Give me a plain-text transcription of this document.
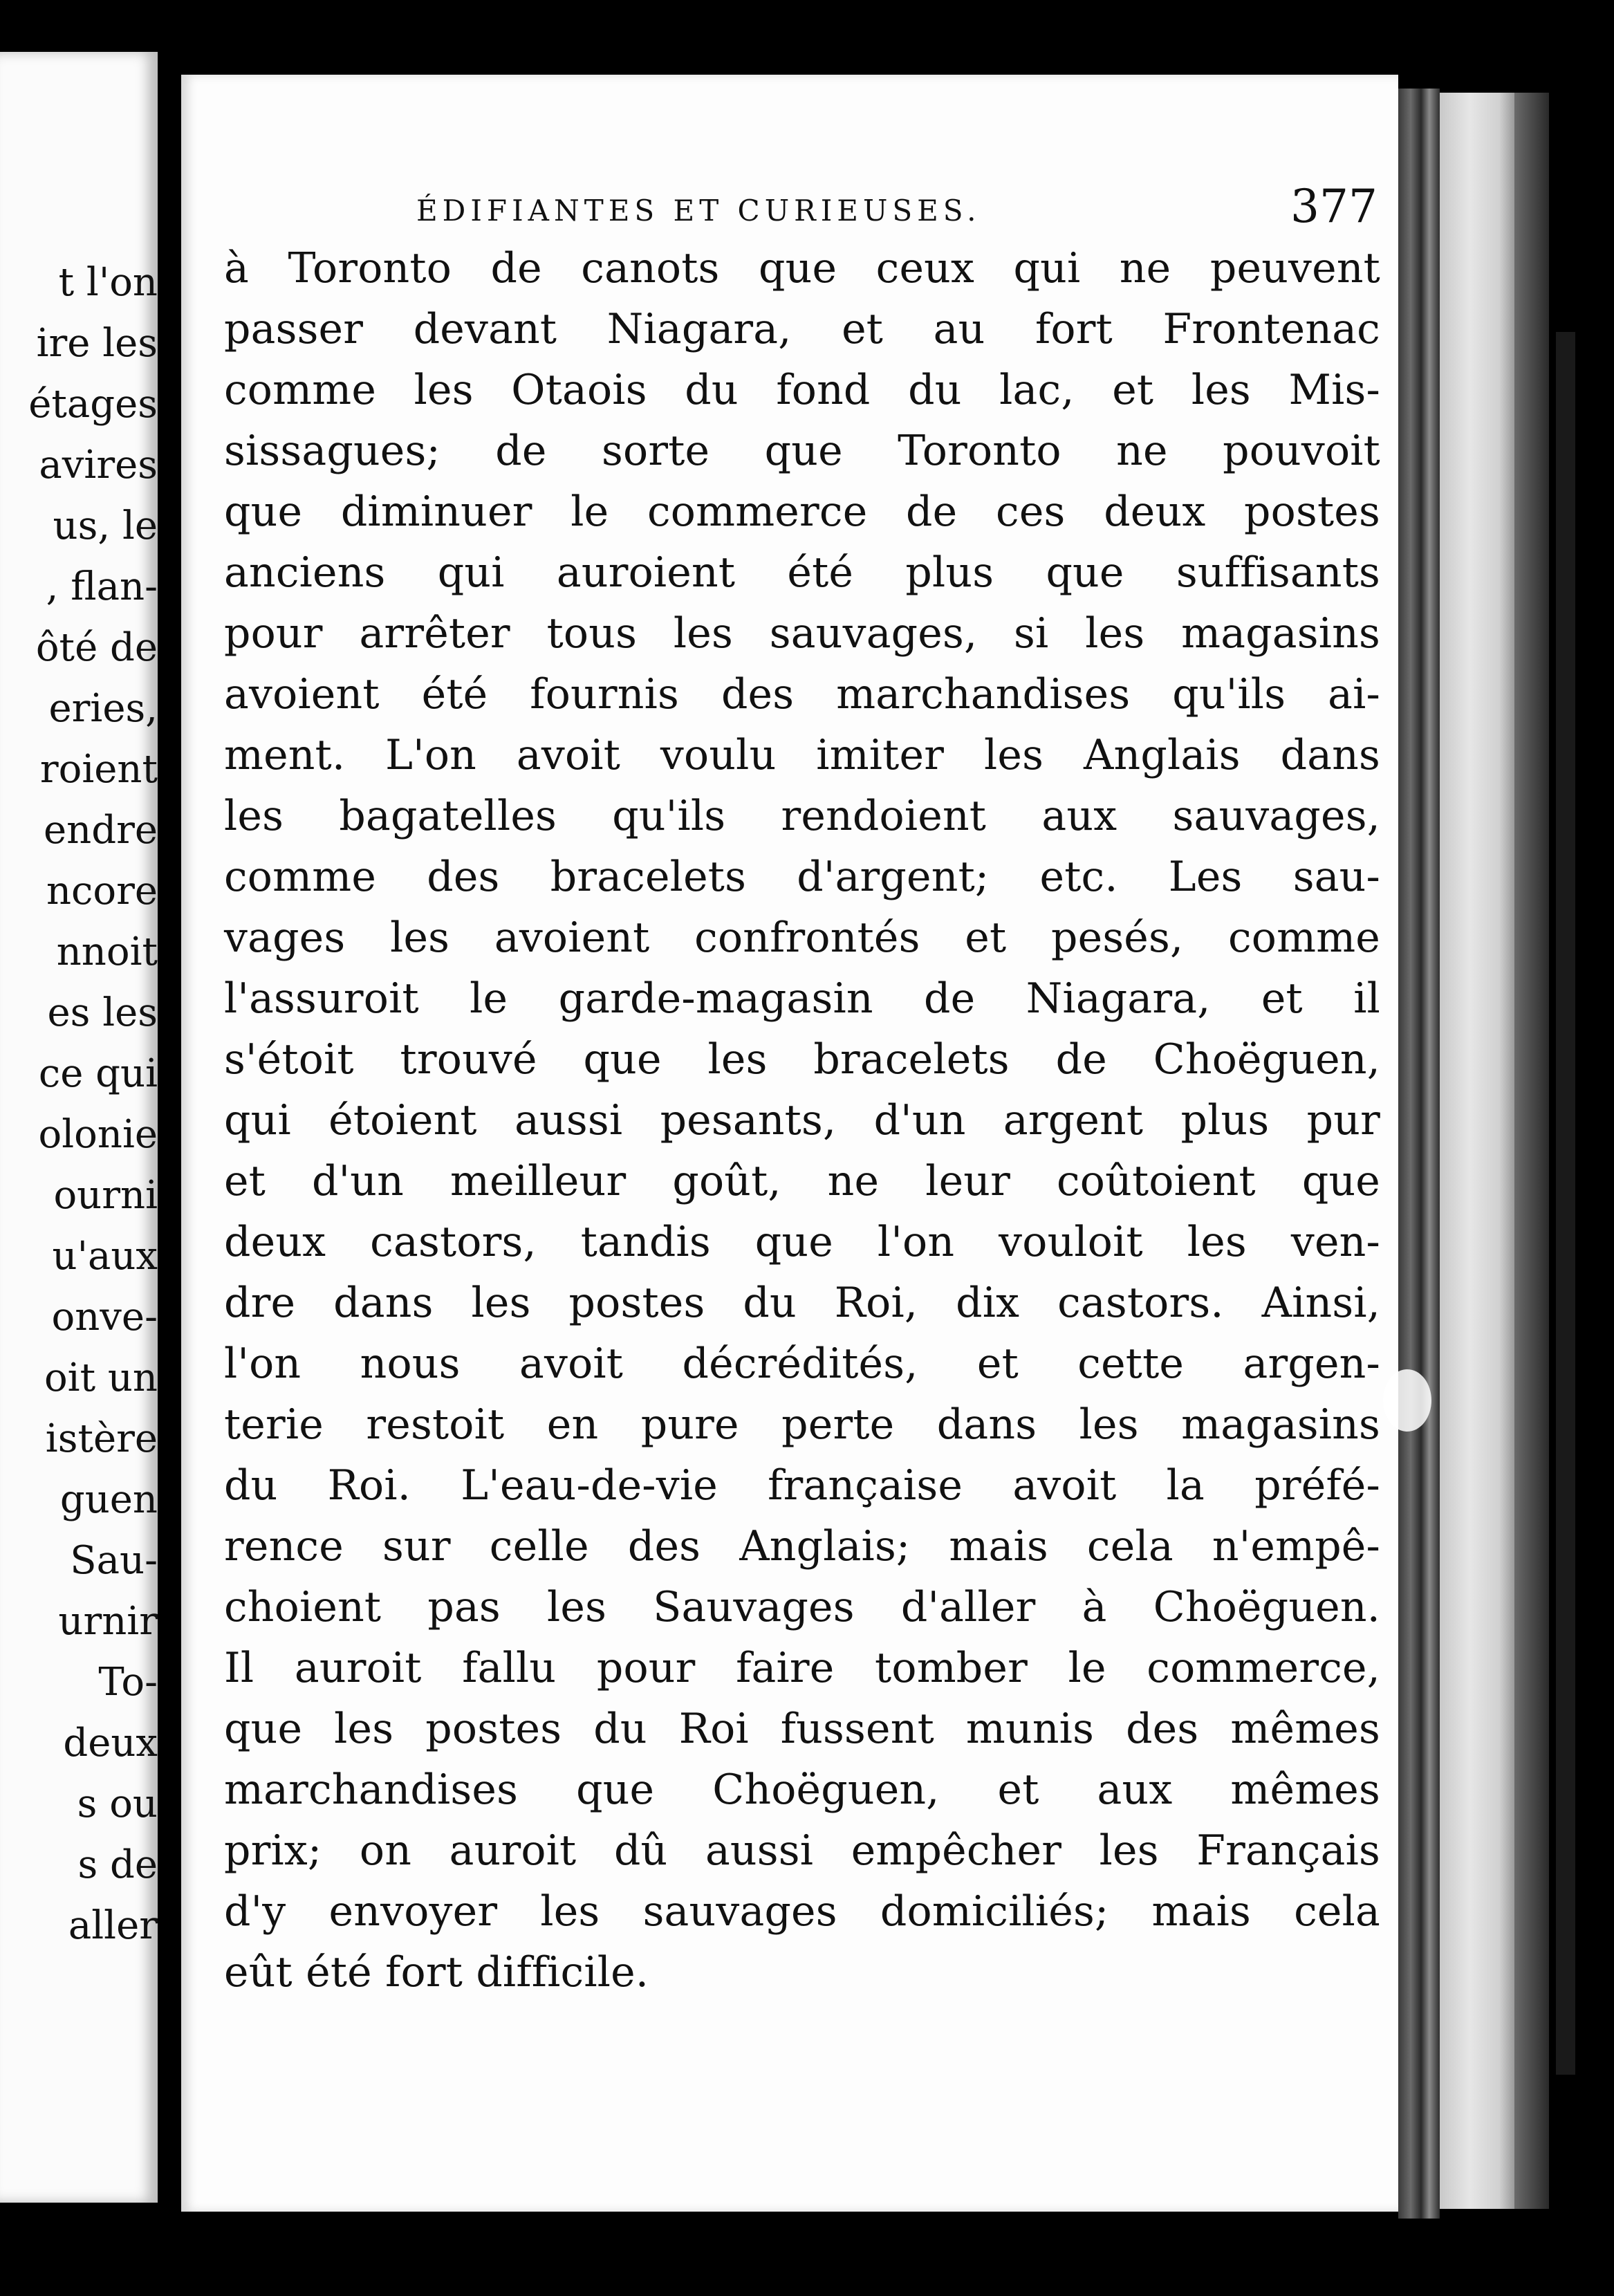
t l'on

ire les

étages

avires

us, le

, flan-

ôté de

eries,

roient

endre

ncore

nnoit

es les

ce qui

olonie

ourni

u'aux

onve-

oit un

istère

guen

Sau-

urnir

To-

deux

s ou

s de

aller

ÉDIFIANTES ET CURIEUSES.	377

à Toronto de canots que ceux qui ne peuvent

passer devant Niagara, et au fort Frontenac

comme les Otaois du fond du lac, et les Mis-

sissagues; de sorte que Toronto ne pouvoit

que diminuer le commerce de ces deux postes

anciens qui auroient été plus que suffisants

pour arrêter tous les sauvages, si les magasins

avoient été fournis des marchandises qu'ils ai-

ment. L'on avoit voulu imiter les Anglais dans

les bagatelles qu'ils rendoient aux sauvages,

comme des bracelets d'argent; etc. Les sau-

vages les avoient confrontés et pesés, comme

l'assuroit le garde-magasin de Niagara, et il

s'étoit trouvé que les bracelets de Choëguen,

qui étoient aussi pesants, d'un argent plus pur

et d'un meilleur goût, ne leur coûtoient que

deux castors, tandis que l'on vouloit les ven-

dre dans les postes du Roi, dix castors. Ainsi,

l'on nous avoit décrédités, et cette argen-

terie restoit en pure perte dans les magasins

du Roi. L'eau-de-vie française avoit la préfé-

rence sur celle des Anglais; mais cela n'empê-

choient pas les Sauvages d'aller à Choëguen.

Il auroit fallu pour faire tomber le commerce,

que les postes du Roi fussent munis des mêmes

marchandises que Choëguen, et aux mêmes

prix; on auroit dû aussi empêcher les Français

d'y envoyer les sauvages domiciliés; mais cela

eût été fort difficile.
